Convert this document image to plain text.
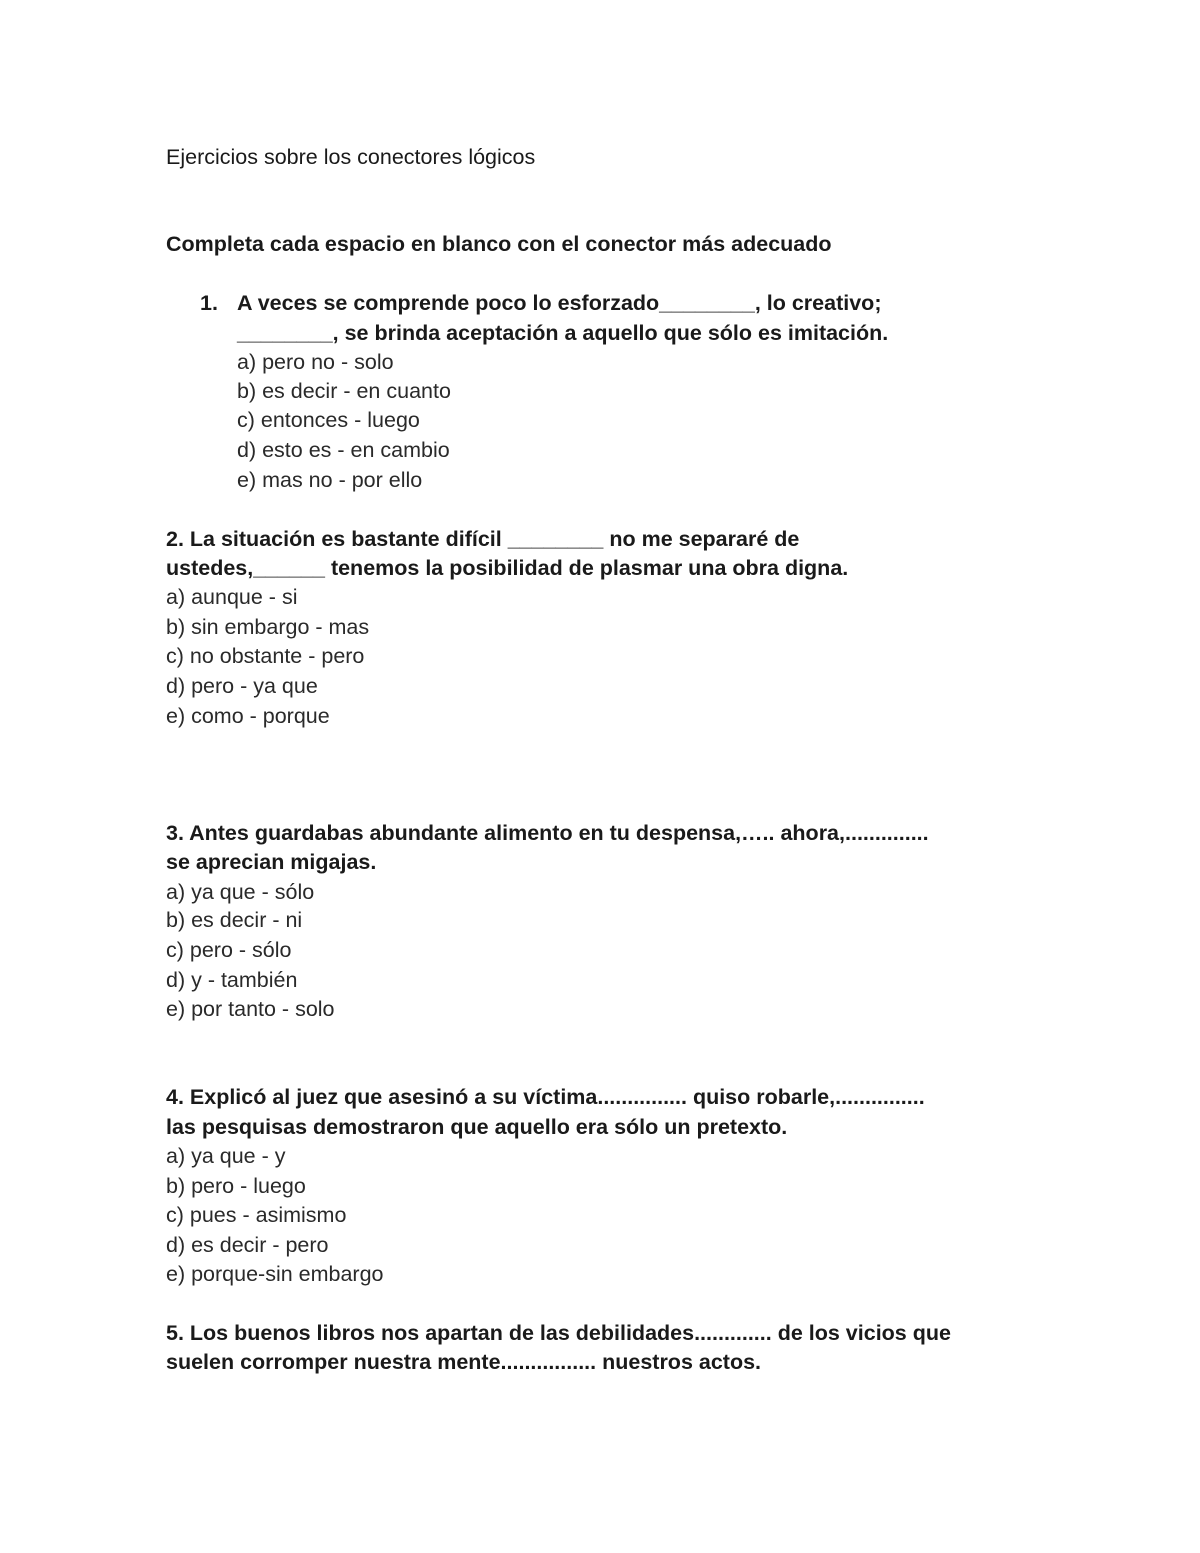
Ejercicios sobre los conectores lógicos
Completa cada espacio en blanco con el conector más adecuado
1. A veces se comprende poco lo esforzado________, lo creativo;
________, se brinda aceptación a aquello que sólo es imitación.
a) pero no - solo
b) es decir - en cuanto
c) entonces - luego
d) esto es - en cambio
e) mas no - por ello
2. La situación es bastante difícil ________ no me separaré de
ustedes,______ tenemos la posibilidad de plasmar una obra digna.
a) aunque - si
b) sin embargo - mas
c) no obstante - pero
d) pero - ya que
e) como - porque
3. Antes guardabas abundante alimento en tu despensa,….. ahora,..............
se aprecian migajas.
a) ya que - sólo
b) es decir - ni
c) pero - sólo
d) y - también
e) por tanto - solo
4. Explicó al juez que asesinó a su víctima............... quiso robarle,...............
las pesquisas demostraron que aquello era sólo un pretexto.
a) ya que - y
b) pero - luego
c) pues - asimismo
d) es decir - pero
e) porque-sin embargo
5. Los buenos libros nos apartan de las debilidades............. de los vicios que
suelen corromper nuestra mente................ nuestros actos.
